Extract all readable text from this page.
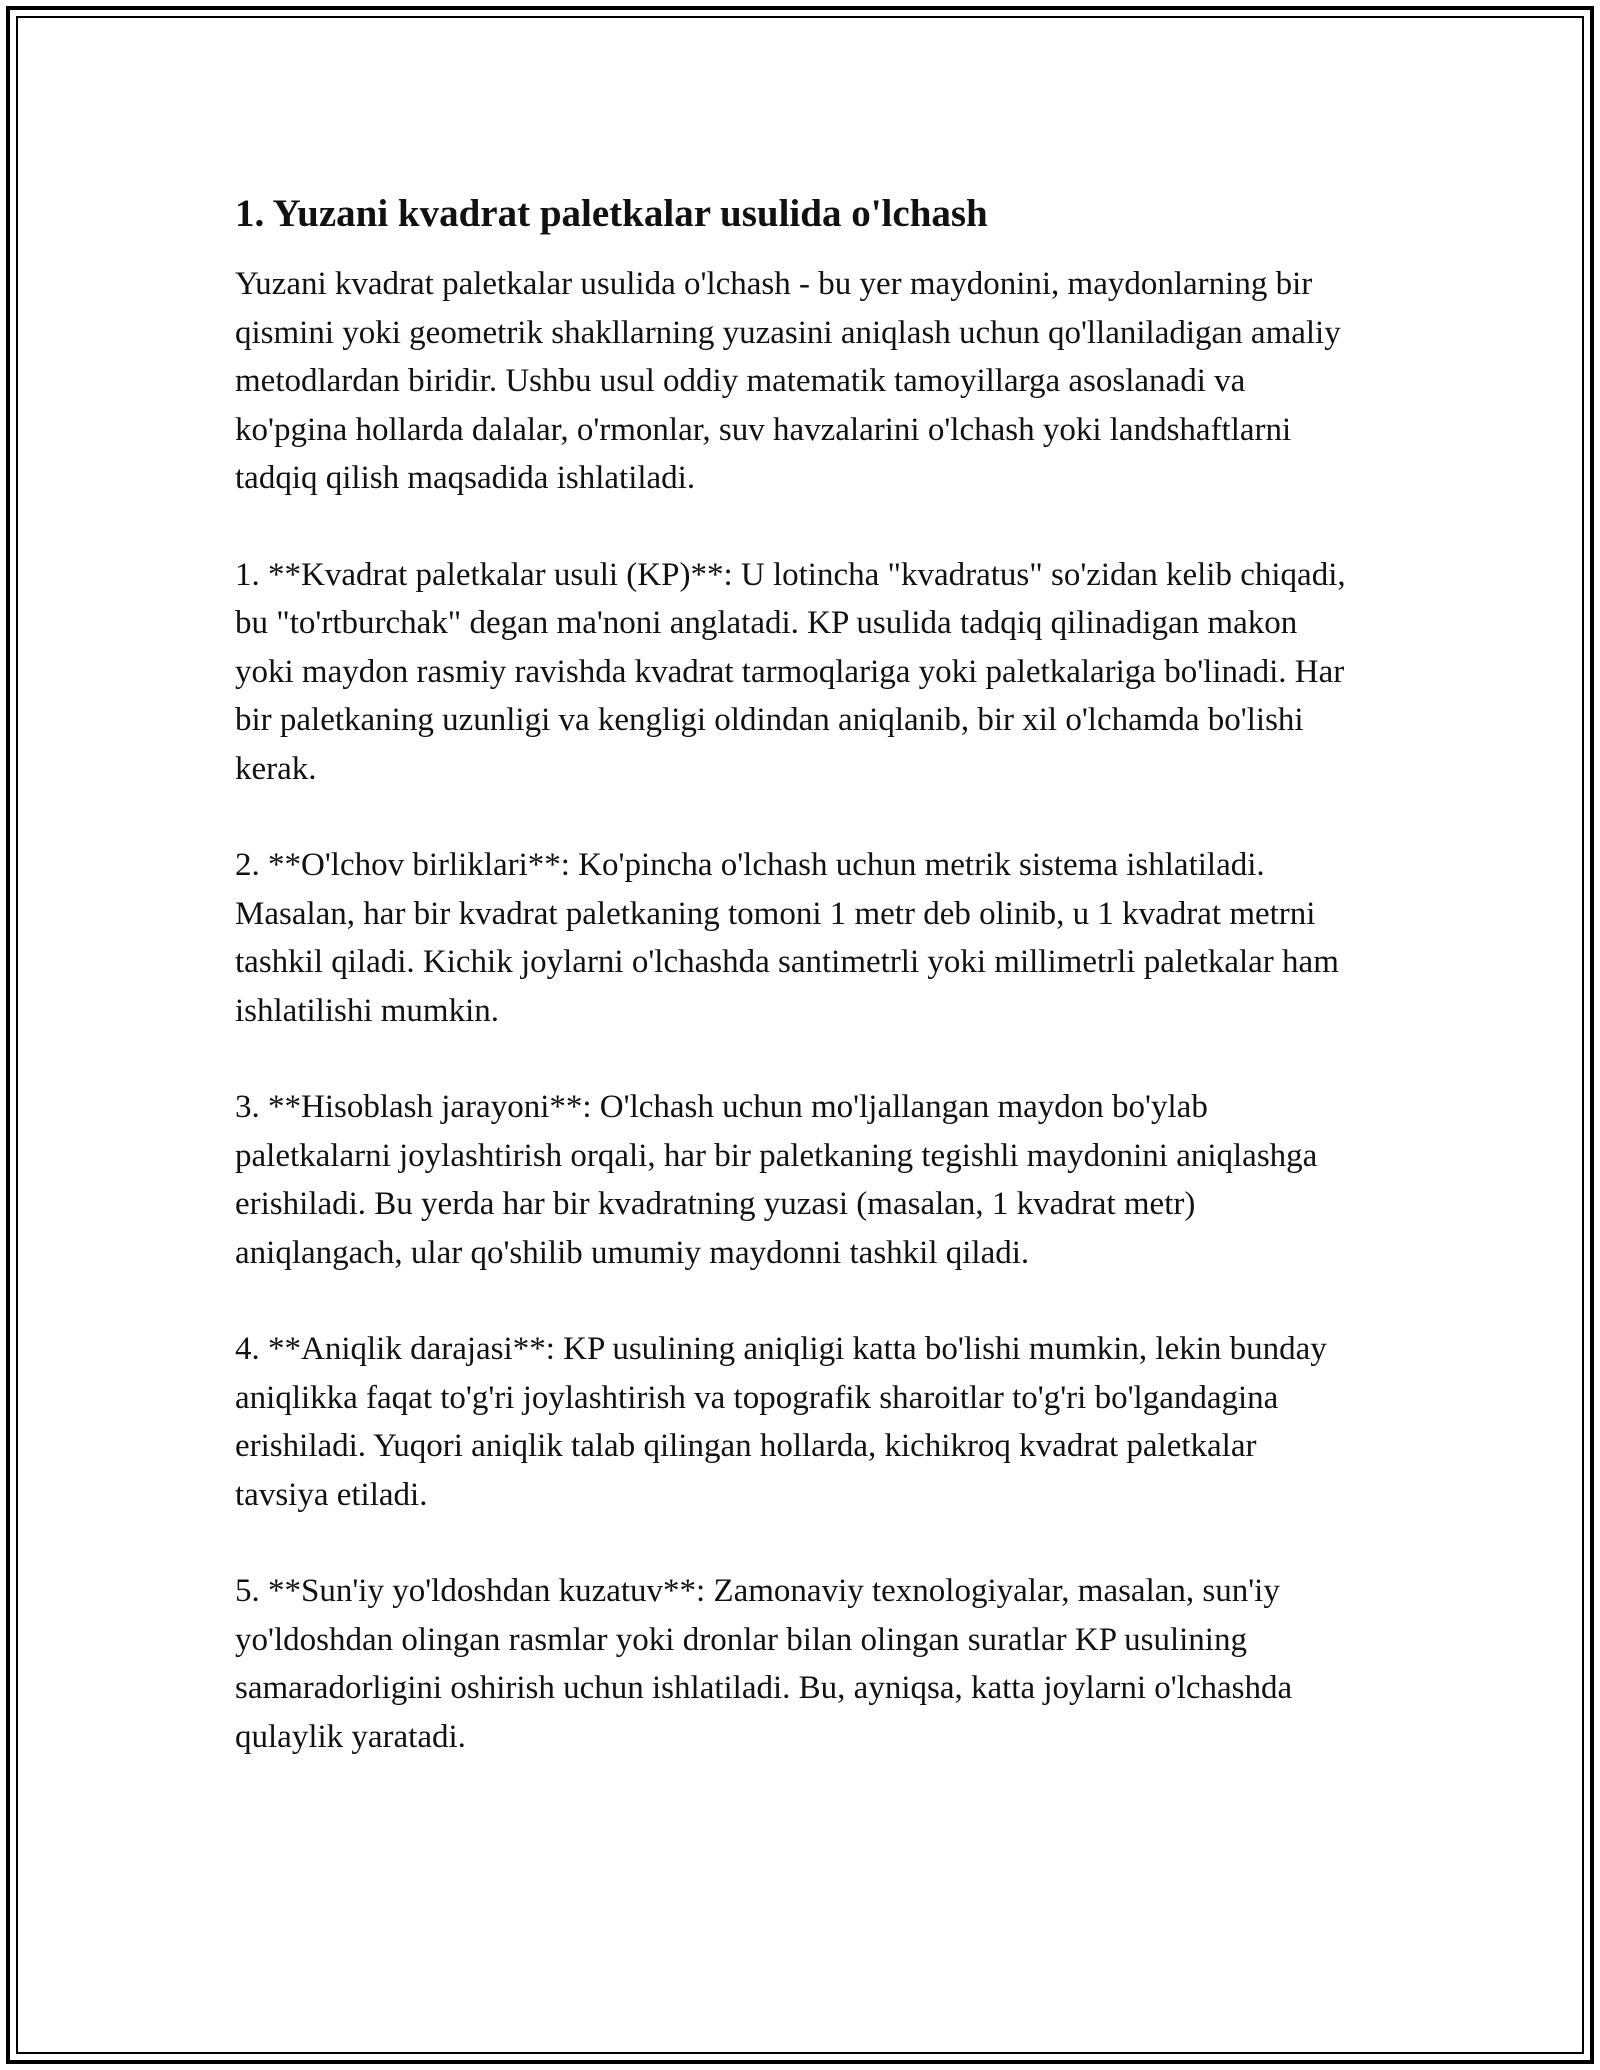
1. Yuzani kvadrat paletkalar usulida o'lchash

Yuzani kvadrat paletkalar usulida o'lchash - bu yer maydonini, maydonlarning bir qismini yoki geometrik shakllarning yuzasini aniqlash uchun qo'llaniladigan amaliy metodlardan biridir. Ushbu usul oddiy matematik tamoyillarga asoslanadi va ko'pgina hollarda dalalar, o'rmonlar, suv havzalarini o'lchash yoki landshaftlarni tadqiq qilish maqsadida ishlatiladi.

1. **Kvadrat paletkalar usuli (KP)**: U lotincha "kvadratus" so'zidan kelib chiqadi, bu "to'rtburchak" degan ma'noni anglatadi. KP usulida tadqiq qilinadigan makon yoki maydon rasmiy ravishda kvadrat tarmoqlariga yoki paletkalariga bo'linadi. Har bir paletkaning uzunligi va kengligi oldindan aniqlanib, bir xil o'lchamda bo'lishi kerak.

2. **O'lchov birliklari**: Ko'pincha o'lchash uchun metrik sistema ishlatiladi. Masalan, har bir kvadrat paletkaning tomoni 1 metr deb olinib, u 1 kvadrat metrni tashkil qiladi. Kichik joylarni o'lchashda santimetrli yoki millimetrli paletkalar ham ishlatilishi mumkin.

3. **Hisoblash jarayoni**: O'lchash uchun mo'ljallangan maydon bo'ylab paletkalarni joylashtirish orqali, har bir paletkaning tegishli maydonini aniqlashga erishiladi. Bu yerda har bir kvadratning yuzasi (masalan, 1 kvadrat metr) aniqlangach, ular qo'shilib umumiy maydonni tashkil qiladi.

4. **Aniqlik darajasi**: KP usulining aniqligi katta bo'lishi mumkin, lekin bunday aniqlikka faqat to'g'ri joylashtirish va topografik sharoitlar to'g'ri bo'lgandagina erishiladi. Yuqori aniqlik talab qilingan hollarda, kichikroq kvadrat paletkalar tavsiya etiladi.

5. **Sun'iy yo'ldoshdan kuzatuv**: Zamonaviy texnologiyalar, masalan, sun'iy yo'ldoshdan olingan rasmlar yoki dronlar bilan olingan suratlar KP usulining samaradorligini oshirish uchun ishlatiladi. Bu, ayniqsa, katta joylarni o'lchashda qulaylik yaratadi.
